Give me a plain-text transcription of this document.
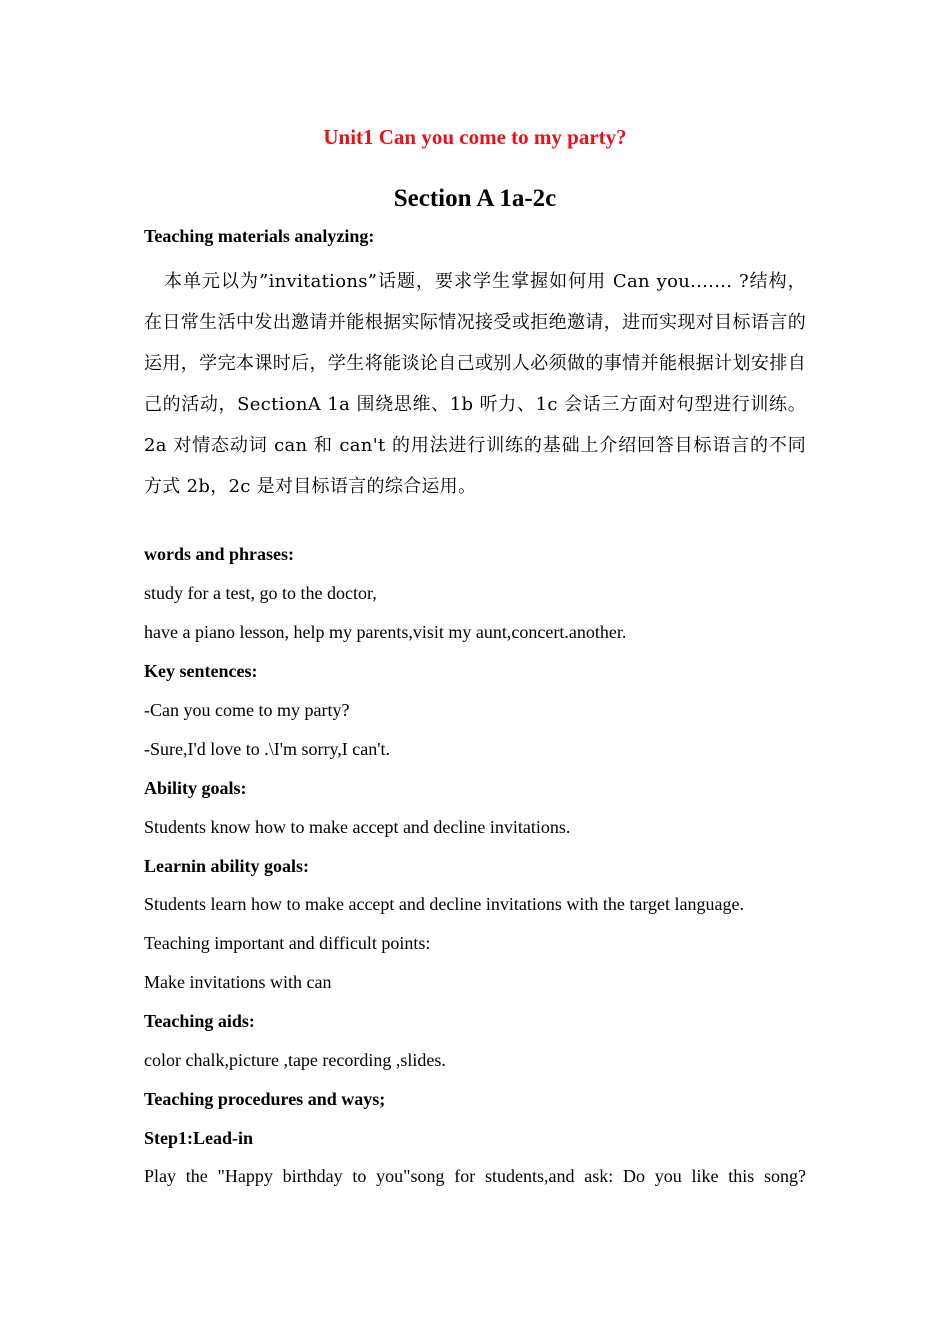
Unit1 Can you come to my party?
Section A 1a-2c
Teaching materials analyzing:
本单元以为”invitations”话题，要求学生掌握如何用 Can you....... ?结构，在日常生活中发出邀请并能根据实际情况接受或拒绝邀请，进而实现对目标语言的运用，学完本课时后，学生将能谈论自己或别人必须做的事情并能根据计划安排自己的活动，SectionA 1a 围绕思维、1b 听力、1c 会话三方面对句型进行训练。2a 对情态动词 can 和 can't 的用法进行训练的基础上介绍回答目标语言的不同方式 2b，2c 是对目标语言的综合运用。
words and phrases:
study for a test, go to the doctor,
have a piano lesson, help my parents,visit my aunt,concert.another.
Key sentences:
-Can you come to my party?
-Sure,I'd love to .\I'm sorry,I can't.
Ability goals:
Students know how to make accept and decline invitations.
Learnin ability goals:
Students learn how to make accept and decline invitations with the target language.
Teaching important and difficult points:
Make invitations with can
Teaching aids:
color chalk,picture ,tape recording ,slides.
Teaching procedures and ways;
Step1:Lead-in
Play the "Happy birthday to you"song for students,and ask: Do you like this song?
